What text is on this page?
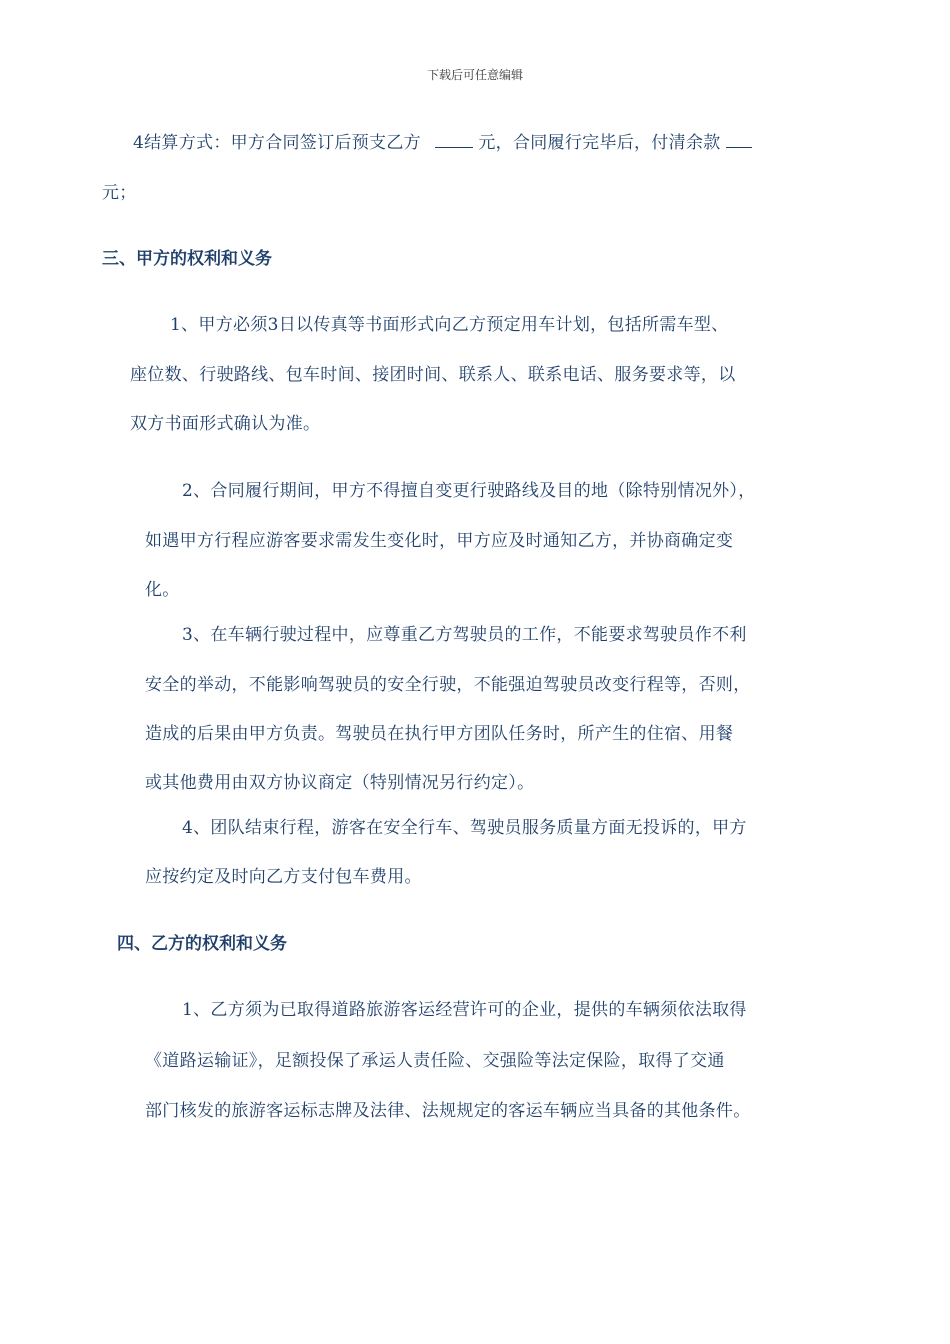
下载后可任意编辑
4结算方式：甲方合同签订后预支乙方	元，合同履行完毕后，付清余款
元；
三、甲方的权利和义务
1、甲方必须3日以传真等书面形式向乙方预定用车计划，包括所需车型、
座位数、行驶路线、包车时间、接团时间、联系人、联系电话、服务要求等，以
双方书面形式确认为准。
2、合同履行期间，甲方不得擅自变更行驶路线及目的地（除特别情况外），
如遇甲方行程应游客要求需发生变化时，甲方应及时通知乙方，并协商确定变
化。
3、在车辆行驶过程中，应尊重乙方驾驶员的工作，不能要求驾驶员作不利
安全的举动，不能影响驾驶员的安全行驶，不能强迫驾驶员改变行程等，否则，
造成的后果由甲方负责。驾驶员在执行甲方团队任务时，所产生的住宿、用餐
或其他费用由双方协议商定（特别情况另行约定）。
4、团队结束行程，游客在安全行车、驾驶员服务质量方面无投诉的，甲方
应按约定及时向乙方支付包车费用。
四、乙方的权利和义务
1、乙方须为已取得道路旅游客运经营许可的企业，提供的车辆须依法取得
《道路运输证》，足额投保了承运人责任险、交强险等法定保险，取得了交通
部门核发的旅游客运标志牌及法律、法规规定的客运车辆应当具备的其他条件。
